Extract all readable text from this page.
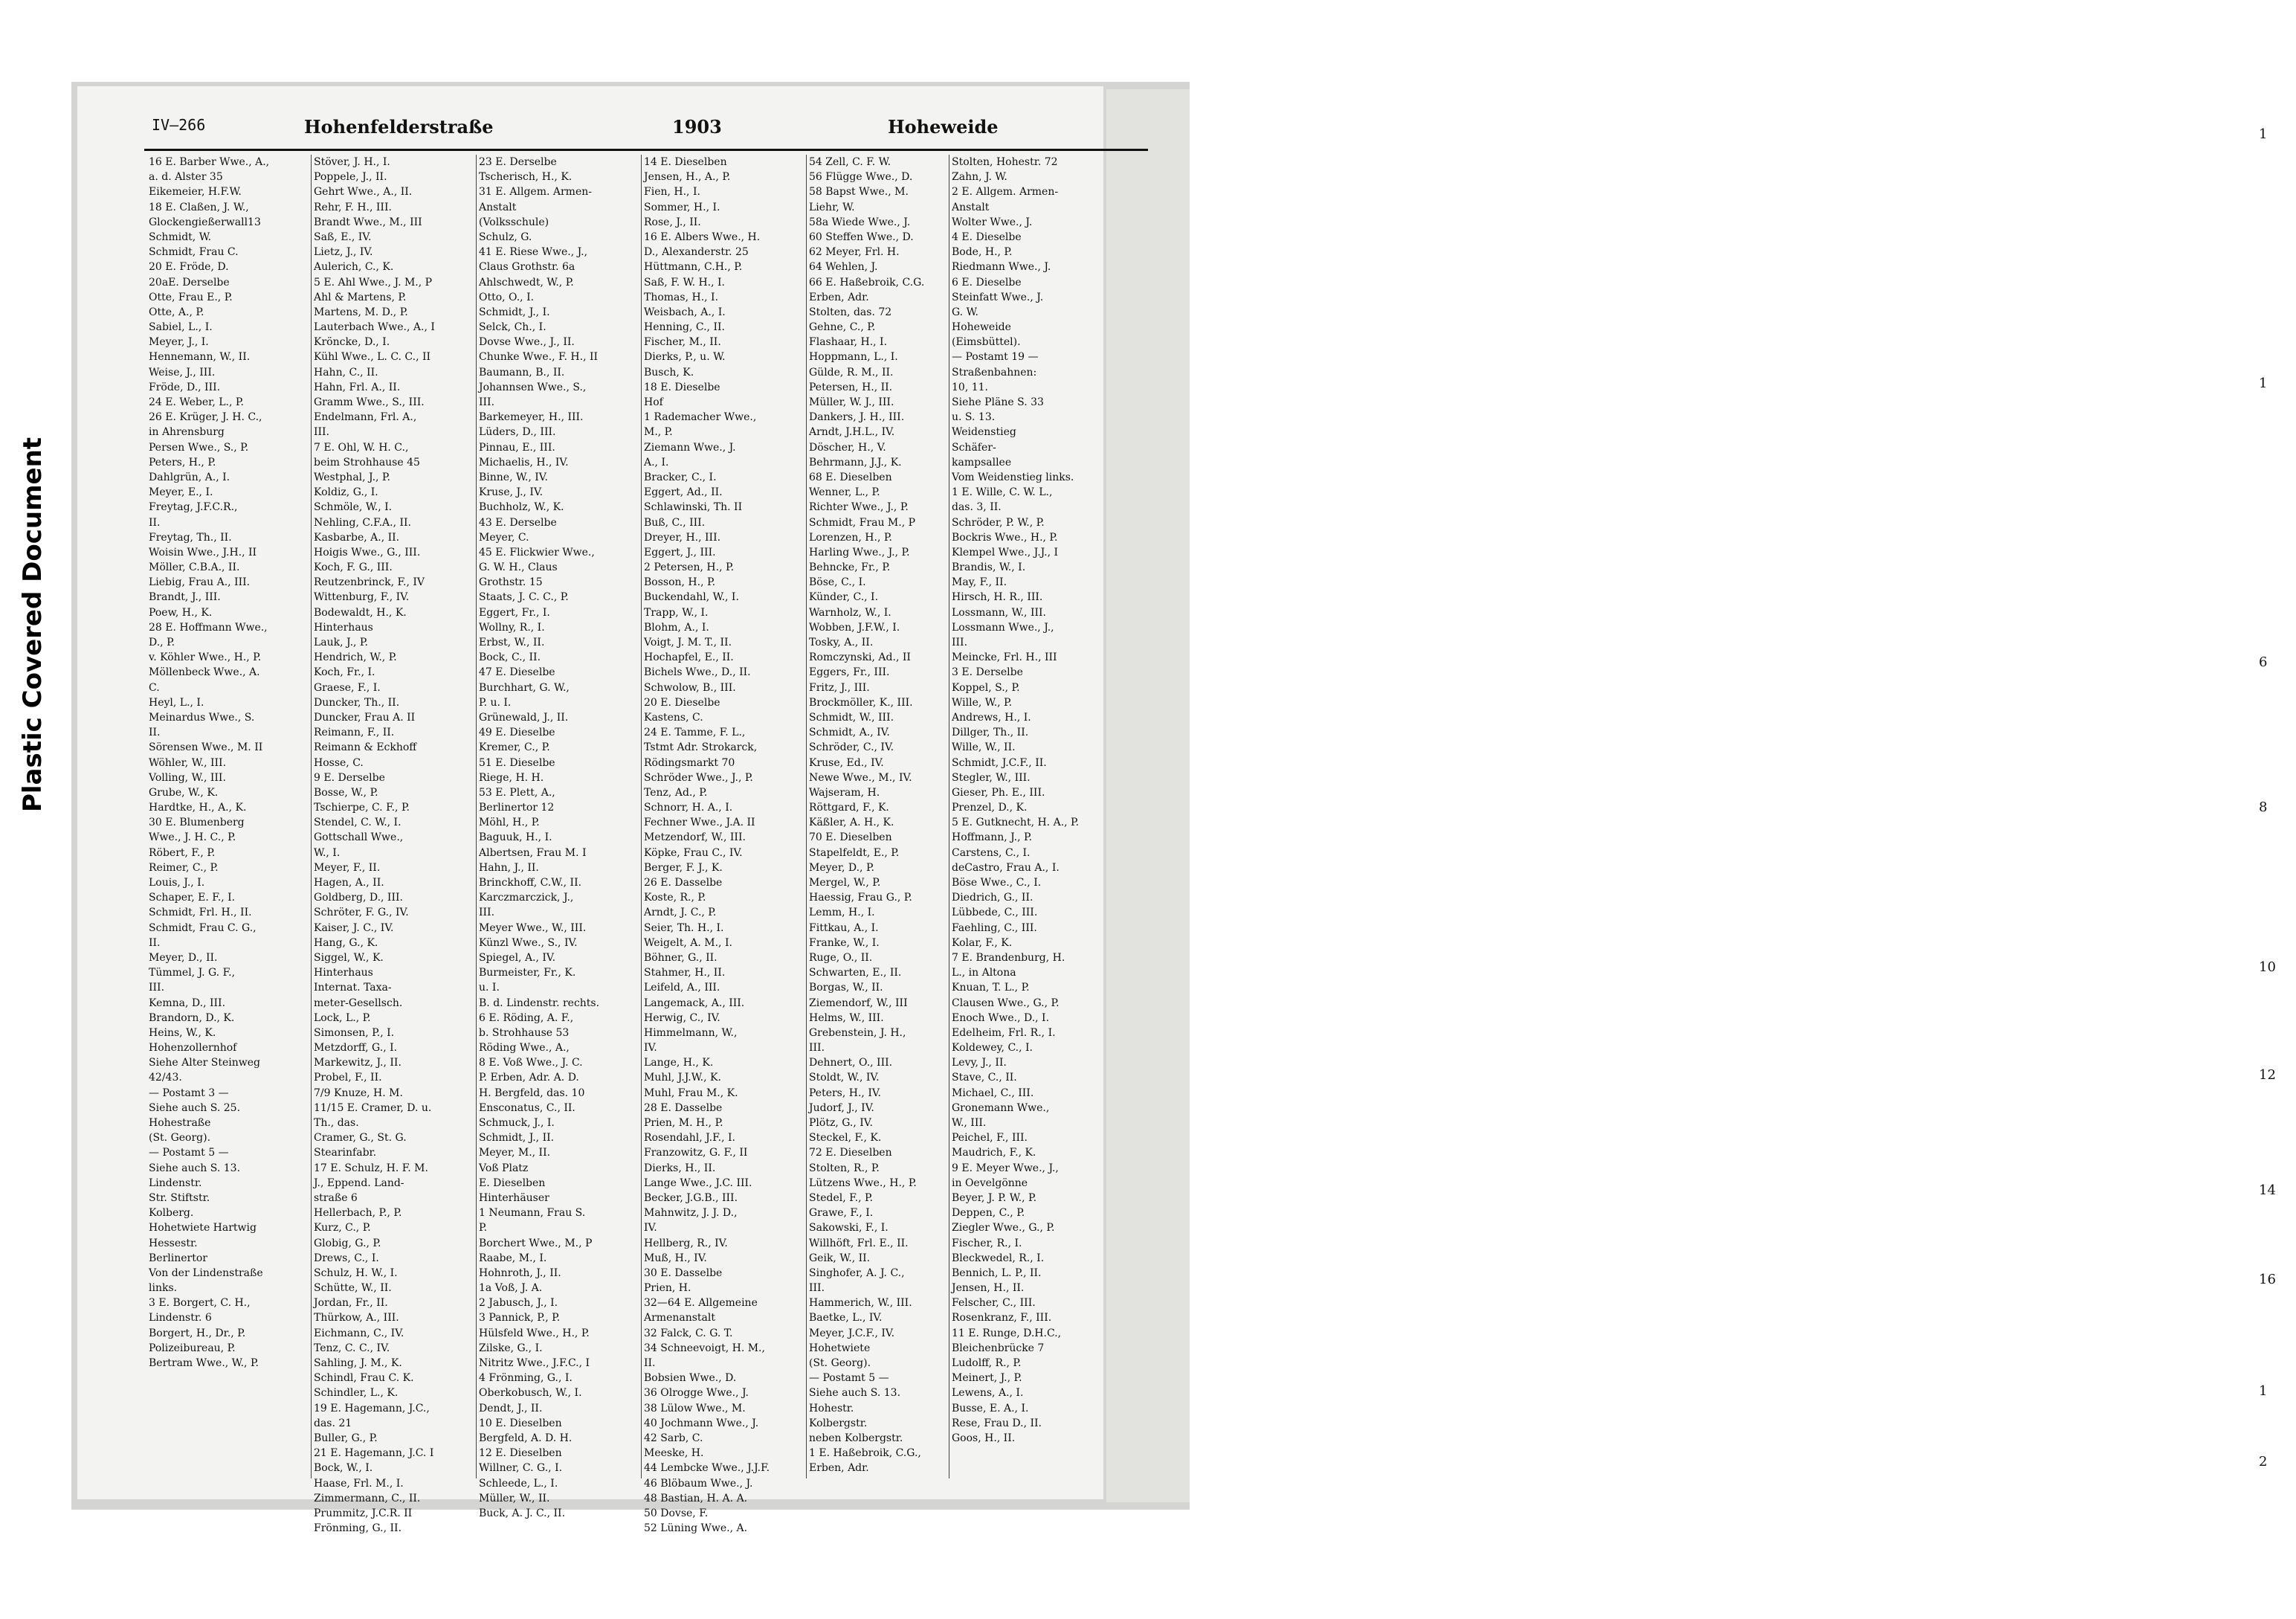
Plastic Covered Document
1
1
6
8
10
12
14
16
1
2
IV—266	Hohenfelderstraße	1903	Hoheweide
16 E. Barber Wwe., A.,
a. d. Alster 35
Eikemeier, H.F.W.
18 E. Claßen, J. W.,
Glockengießerwall13
Schmidt, W.
Schmidt, Frau C.
20 E. Fröde, D.
20aE. Derselbe
Otte, Frau E., P.
Otte, A., P.
Sabiel, L., I.
Meyer, J., I.
Hennemann, W., II.
Weise, J., III.
Fröde, D., III.
24 E. Weber, L., P.
26 E. Krüger, J. H. C.,
in Ahrensburg
Persen Wwe., S., P.
Peters, H., P.
Dahlgrün, A., I.
Meyer, E., I.
Freytag, J.F.C.R.,
II.
Freytag, Th., II.
Woisin Wwe., J.H., II
Möller, C.B.A., II.
Liebig, Frau A., III.
Brandt, J., III.
Poew, H., K.
28 E. Hoffmann Wwe.,
D., P.
v. Köhler Wwe., H., P.
Möllenbeck Wwe., A.
C.
Heyl, L., I.
Meinardus Wwe., S.
II.
Sörensen Wwe., M. II
Wöhler, W., III.
Volling, W., III.
Grube, W., K.
Hardtke, H., A., K.
30 E. Blumenberg
Wwe., J. H. C., P.
Röbert, F., P.
Reimer, C., P.
Louis, J., I.
Schaper, E. F., I.
Schmidt, Frl. H., II.
Schmidt, Frau C. G.,
II.
Meyer, D., II.
Tümmel, J. G. F.,
III.
Kemna, D., III.
Brandorn, D., K.
Heins, W., K.
Hohenzollernhof
Siehe Alter Steinweg
42/43.
— Postamt 3 —
Siehe auch S. 25.
Hohestraße
(St. Georg).
— Postamt 5 —
Siehe auch S. 13.
Lindenstr.
Str. Stiftstr.
Kolberg.
Hohetwiete Hartwig
Hessestr.
Berlinertor
Von der Lindenstraße
links.
3 E. Borgert, C. H.,
Lindenstr. 6
Borgert, H., Dr., P.
Polizeibureau, P.
Bertram Wwe., W., P.
Stöver, J. H., I.
Poppele, J., II.
Gehrt Wwe., A., II.
Rehr, F. H., III.
Brandt Wwe., M., III
Saß, E., IV.
Lietz, J., IV.
Aulerich, C., K.
5 E. Ahl Wwe., J. M., P
Ahl & Martens, P.
Martens, M. D., P.
Lauterbach Wwe., A., I
Kröncke, D., I.
Kühl Wwe., L. C. C., II
Hahn, C., II.
Hahn, Frl. A., II.
Gramm Wwe., S., III.
Endelmann, Frl. A.,
III.
7 E. Ohl, W. H. C.,
beim Strohhause 45
Westphal, J., P.
Koldiz, G., I.
Schmöle, W., I.
Nehling, C.F.A., II.
Kasbarbe, A., II.
Hoigis Wwe., G., III.
Koch, F. G., III.
Reutzenbrinck, F., IV
Wittenburg, F., IV.
Bodewaldt, H., K.
Hinterhaus
Lauk, J., P.
Hendrich, W., P.
Koch, Fr., I.
Graese, F., I.
Duncker, Th., II.
Duncker, Frau A. II
Reimann, F., II.
Reimann & Eckhoff
Hosse, C.
9 E. Derselbe
Bosse, W., P.
Tschierpe, C. F., P.
Stendel, C. W., I.
Gottschall Wwe.,
W., I.
Meyer, F., II.
Hagen, A., II.
Goldberg, D., III.
Schröter, F. G., IV.
Kaiser, J. C., IV.
Hang, G., K.
Siggel, W., K.
Hinterhaus
Internat. Taxa-
meter-Gesellsch.
Lock, L., P.
Simonsen, P., I.
Metzdorff, G., I.
Markewitz, J., II.
Probel, F., II.
7/9 Knuze, H. M.
11/15 E. Cramer, D. u.
Th., das.
Cramer, G., St. G.
Stearinfabr.
17 E. Schulz, H. F. M.
J., Eppend. Land-
straße 6
Hellerbach, P., P.
Kurz, C., P.
Globig, G., P.
Drews, C., I.
Schulz, H. W., I.
Schütte, W., II.
Jordan, Fr., II.
Thürkow, A., III.
Eichmann, C., IV.
Tenz, C. C., IV.
Sahling, J. M., K.
Schindl, Frau C. K.
Schindler, L., K.
19 E. Hagemann, J.C.,
das. 21
Buller, G., P.
21 E. Hagemann, J.C. I
Bock, W., I.
Haase, Frl. M., I.
Zimmermann, C., II.
Prummitz, J.C.R. II
Frönming, G., II.
23 E. Derselbe
Tscherisch, H., K.
31 E. Allgem. Armen-
Anstalt
(Volksschule)
Schulz, G.
41 E. Riese Wwe., J.,
Claus Grothstr. 6a
Ahlschwedt, W., P.
Otto, O., I.
Schmidt, J., I.
Selck, Ch., I.
Dovse Wwe., J., II.
Chunke Wwe., F. H., II
Baumann, B., II.
Johannsen Wwe., S.,
III.
Barkemeyer, H., III.
Lüders, D., III.
Pinnau, E., III.
Michaelis, H., IV.
Binne, W., IV.
Kruse, J., IV.
Buchholz, W., K.
43 E. Derselbe
Meyer, C.
45 E. Flickwier Wwe.,
G. W. H., Claus
Grothstr. 15
Staats, J. C. C., P.
Eggert, Fr., I.
Wollny, R., I.
Erbst, W., II.
Bock, C., II.
47 E. Dieselbe
Burchhart, G. W.,
P. u. I.
Grünewald, J., II.
49 E. Dieselbe
Kremer, C., P.
51 E. Dieselbe
Riege, H. H.
53 E. Plett, A.,
Berlinertor 12
Möhl, H., P.
Baguuk, H., I.
Albertsen, Frau M. I
Hahn, J., II.
Brinckhoff, C.W., II.
Karczmarczick, J.,
III.
Meyer Wwe., W., III.
Künzl Wwe., S., IV.
Spiegel, A., IV.
Burmeister, Fr., K.
u. I.
B. d. Lindenstr. rechts.
6 E. Röding, A. F.,
b. Strohhause 53
Röding Wwe., A.,
8 E. Voß Wwe., J. C.
P. Erben, Adr. A. D.
H. Bergfeld, das. 10
Ensconatus, C., II.
Schmuck, J., I.
Schmidt, J., II.
Meyer, M., II.
Voß Platz
E. Dieselben
Hinterhäuser
1 Neumann, Frau S.
P.
Borchert Wwe., M., P
Raabe, M., I.
Hohnroth, J., II.
1a Voß, J. A.
2 Jabusch, J., I.
3 Pannick, P., P.
Hülsfeld Wwe., H., P.
Zilske, G., I.
Nitritz Wwe., J.F.C., I
4 Frönming, G., I.
Oberkobusch, W., I.
Dendt, J., II.
10 E. Dieselben
Bergfeld, A. D. H.
12 E. Dieselben
Willner, C. G., I.
Schleede, L., I.
Müller, W., II.
Buck, A. J. C., II.
14 E. Dieselben
Jensen, H., A., P.
Fien, H., I.
Sommer, H., I.
Rose, J., II.
16 E. Albers Wwe., H.
D., Alexanderstr. 25
Hüttmann, C.H., P.
Saß, F. W. H., I.
Thomas, H., I.
Weisbach, A., I.
Henning, C., II.
Fischer, M., II.
Dierks, P., u. W.
Busch, K.
18 E. Dieselbe
Hof
1 Rademacher Wwe.,
M., P.
Ziemann Wwe., J.
A., I.
Bracker, C., I.
Eggert, Ad., II.
Schlawinski, Th. II
Buß, C., III.
Dreyer, H., III.
Eggert, J., III.
2 Petersen, H., P.
Bosson, H., P.
Buckendahl, W., I.
Trapp, W., I.
Blohm, A., I.
Voigt, J. M. T., II.
Hochapfel, E., II.
Bichels Wwe., D., II.
Schwolow, B., III.
20 E. Dieselbe
Kastens, C.
24 E. Tamme, F. L.,
Tstmt Adr. Strokarck,
Rödingsmarkt 70
Schröder Wwe., J., P.
Tenz, Ad., P.
Schnorr, H. A., I.
Fechner Wwe., J.A. II
Metzendorf, W., III.
Köpke, Frau C., IV.
Berger, F. J., K.
26 E. Dasselbe
Koste, R., P.
Arndt, J. C., P.
Seier, Th. H., I.
Weigelt, A. M., I.
Böhner, G., II.
Stahmer, H., II.
Leifeld, A., III.
Langemack, A., III.
Herwig, C., IV.
Himmelmann, W.,
IV.
Lange, H., K.
Muhl, J.J.W., K.
Muhl, Frau M., K.
28 E. Dasselbe
Prien, M. H., P.
Rosendahl, J.F., I.
Franzowitz, G. F., II
Dierks, H., II.
Lange Wwe., J.C. III.
Becker, J.G.B., III.
Mahnwitz, J. J. D.,
IV.
Hellberg, R., IV.
Muß, H., IV.
30 E. Dasselbe
Prien, H.
32—64 E. Allgemeine
Armenanstalt
32 Falck, C. G. T.
34 Schneevoigt, H. M.,
II.
Bobsien Wwe., D.
36 Olrogge Wwe., J.
38 Lülow Wwe., M.
40 Jochmann Wwe., J.
42 Sarb, C.
Meeske, H.
44 Lembcke Wwe., J.J.F.
46 Blöbaum Wwe., J.
48 Bastian, H. A. A.
50 Dovse, F.
52 Lüning Wwe., A.
54 Zell, C. F. W.
56 Flügge Wwe., D.
58 Bapst Wwe., M.
Liehr, W.
58a Wiede Wwe., J.
60 Steffen Wwe., D.
62 Meyer, Frl. H.
64 Wehlen, J.
66 E. Haßebroik, C.G.
Erben, Adr.
Stolten, das. 72
Gehne, C., P.
Flashaar, H., I.
Hoppmann, L., I.
Gülde, R. M., II.
Petersen, H., II.
Müller, W. J., III.
Dankers, J. H., III.
Arndt, J.H.L., IV.
Döscher, H., V.
Behrmann, J.J., K.
68 E. Dieselben
Wenner, L., P.
Richter Wwe., J., P.
Schmidt, Frau M., P
Lorenzen, H., P.
Harling Wwe., J., P.
Behncke, Fr., P.
Böse, C., I.
Künder, C., I.
Warnholz, W., I.
Wobben, J.F.W., I.
Tosky, A., II.
Romczynski, Ad., II
Eggers, Fr., III.
Fritz, J., III.
Brockmöller, K., III.
Schmidt, W., III.
Schmidt, A., IV.
Schröder, C., IV.
Kruse, Ed., IV.
Newe Wwe., M., IV.
Wajseram, H.
Röttgard, F., K.
Käßler, A. H., K.
70 E. Dieselben
Stapelfeldt, E., P.
Meyer, D., P.
Mergel, W., P.
Haessig, Frau G., P.
Lemm, H., I.
Fittkau, A., I.
Franke, W., I.
Ruge, O., II.
Schwarten, E., II.
Borgas, W., II.
Ziemendorf, W., III
Helms, W., III.
Grebenstein, J. H.,
III.
Dehnert, O., III.
Stoldt, W., IV.
Peters, H., IV.
Judorf, J., IV.
Plötz, G., IV.
Steckel, F., K.
72 E. Dieselben
Stolten, R., P.
Lützens Wwe., H., P.
Stedel, F., P.
Grawe, F., I.
Sakowski, F., I.
Willhöft, Frl. E., II.
Geik, W., II.
Singhofer, A. J. C.,
III.
Hammerich, W., III.
Baetke, L., IV.
Meyer, J.C.F., IV.
Hohetwiete
(St. Georg).
— Postamt 5 —
Siehe auch S. 13.
Hohestr.
Kolbergstr.
neben Kolbergstr.
1 E. Haßebroik, C.G.,
Erben, Adr.
Stolten, Hohestr. 72
Zahn, J. W.
2 E. Allgem. Armen-
Anstalt
Wolter Wwe., J.
4 E. Dieselbe
Bode, H., P.
Riedmann Wwe., J.
6 E. Dieselbe
Steinfatt Wwe., J.
G. W.
Hoheweide
(Eimsbüttel).
— Postamt 19 —
Straßenbahnen:
10, 11.
Siehe Pläne S. 33
u. S. 13.
Weidenstieg
Schäfer-
kampsallee
Vom Weidenstieg links.
1 E. Wille, C. W. L.,
das. 3, II.
Schröder, P. W., P.
Bockris Wwe., H., P.
Klempel Wwe., J.J., I
Brandis, W., I.
May, F., II.
Hirsch, H. R., III.
Lossmann, W., III.
Lossmann Wwe., J.,
III.
Meincke, Frl. H., III
3 E. Derselbe
Koppel, S., P.
Wille, W., P.
Andrews, H., I.
Dillger, Th., II.
Wille, W., II.
Schmidt, J.C.F., II.
Stegler, W., III.
Gieser, Ph. E., III.
Prenzel, D., K.
5 E. Gutknecht, H. A., P.
Hoffmann, J., P.
Carstens, C., I.
deCastro, Frau A., I.
Böse Wwe., C., I.
Diedrich, G., II.
Lübbede, C., III.
Faehling, C., III.
Kolar, F., K.
7 E. Brandenburg, H.
L., in Altona
Knuan, T. L., P.
Clausen Wwe., G., P.
Enoch Wwe., D., I.
Edelheim, Frl. R., I.
Koldewey, C., I.
Levy, J., II.
Stave, C., II.
Michael, C., III.
Gronemann Wwe.,
W., III.
Peichel, F., III.
Maudrich, F., K.
9 E. Meyer Wwe., J.,
in Oevelgönne
Beyer, J. P. W., P.
Deppen, C., P.
Ziegler Wwe., G., P.
Fischer, R., I.
Bleckwedel, R., I.
Bennich, L. P., II.
Jensen, H., II.
Felscher, C., III.
Rosenkranz, F., III.
11 E. Runge, D.H.C.,
Bleichenbrücke 7
Ludolff, R., P.
Meinert, J., P.
Lewens, A., I.
Busse, E. A., I.
Rese, Frau D., II.
Goos, H., II.
